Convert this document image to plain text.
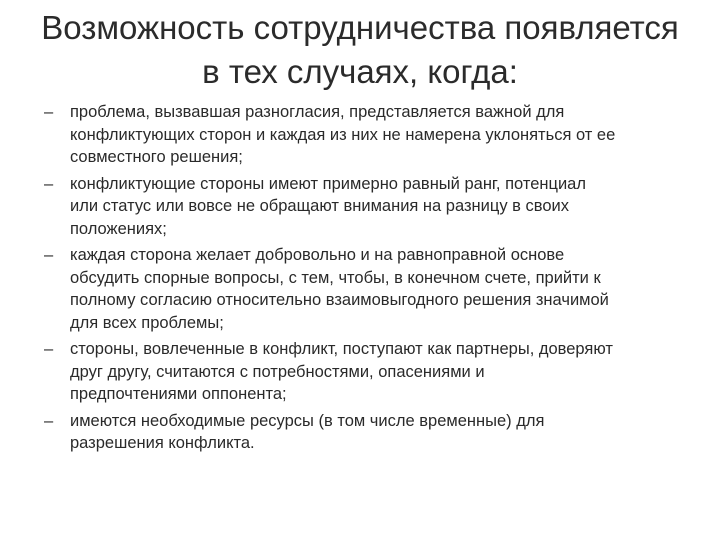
Возможность сотрудничества появляется
в тех случаях, когда:
–	проблема, вызвавшая разногласия, представляется важной для
конфликтующих сторон и каждая из них не намерена уклоняться от ее
совместного решения;
–	конфликтующие стороны имеют примерно равный ранг, потенциал
или статус или вовсе не обращают внимания на разницу в своих
положениях;
–	каждая сторона желает добровольно и на равноправной основе
обсудить спорные вопросы, с тем, чтобы, в конечном счете, прийти к
полному согласию относительно взаимовыгодного решения значимой
для всех проблемы;
–	стороны, вовлеченные в конфликт, поступают как партнеры, доверяют
друг другу, считаются с потребностями, опасениями и
предпочтениями оппонента;
–	имеются необходимые ресурсы (в том числе временные) для
разрешения конфликта.
